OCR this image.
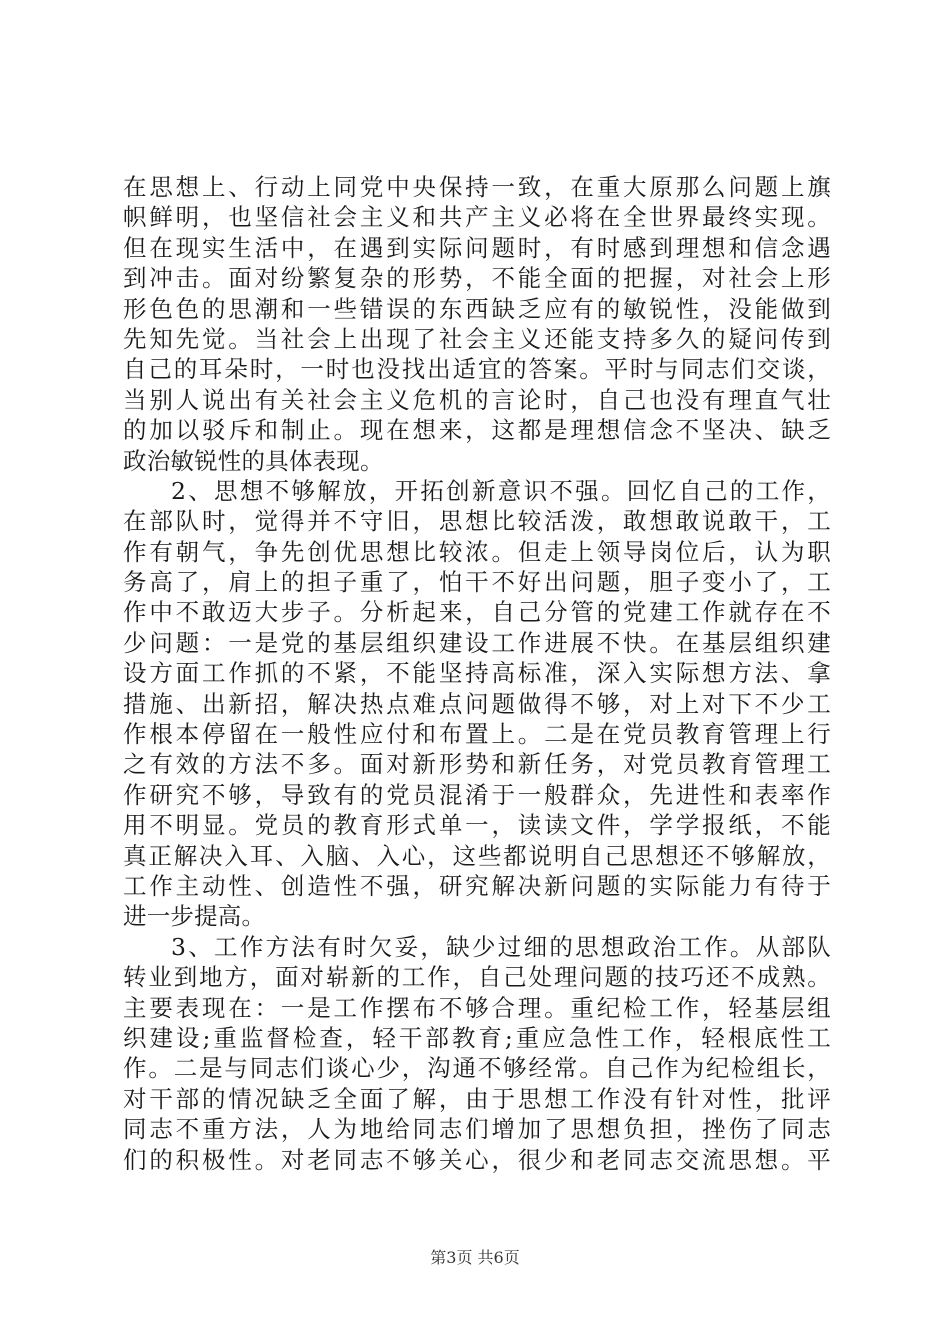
在思想上、行动上同党中央保持一致，在重大原那么问题上旗
帜鲜明，也坚信社会主义和共产主义必将在全世界最终实现。
但在现实生活中，在遇到实际问题时，有时感到理想和信念遇
到冲击。面对纷繁复杂的形势，不能全面的把握，对社会上形
形色色的思潮和一些错误的东西缺乏应有的敏锐性，没能做到
先知先觉。当社会上出现了社会主义还能支持多久的疑问传到
自己的耳朵时，一时也没找出适宜的答案。平时与同志们交谈，
当别人说出有关社会主义危机的言论时，自己也没有理直气壮
的加以驳斥和制止。现在想来，这都是理想信念不坚决、缺乏
政治敏锐性的具体表现。
2、思想不够解放，开拓创新意识不强。回忆自己的工作，
在部队时，觉得并不守旧，思想比较活泼，敢想敢说敢干，工
作有朝气，争先创优思想比较浓。但走上领导岗位后，认为职
务高了，肩上的担子重了，怕干不好出问题，胆子变小了，工
作中不敢迈大步子。分析起来，自己分管的党建工作就存在不
少问题：一是党的基层组织建设工作进展不快。在基层组织建
设方面工作抓的不紧，不能坚持高标准，深入实际想方法、拿
措施、出新招，解决热点难点问题做得不够，对上对下不少工
作根本停留在一般性应付和布置上。二是在党员教育管理上行
之有效的方法不多。面对新形势和新任务，对党员教育管理工
作研究不够，导致有的党员混淆于一般群众，先进性和表率作
用不明显。党员的教育形式单一，读读文件，学学报纸，不能
真正解决入耳、入脑、入心，这些都说明自己思想还不够解放，
工作主动性、创造性不强，研究解决新问题的实际能力有待于
进一步提高。
3、工作方法有时欠妥，缺少过细的思想政治工作。从部队
转业到地方，面对崭新的工作，自己处理问题的技巧还不成熟。
主要表现在：一是工作摆布不够合理。重纪检工作，轻基层组
织建设;重监督检查，轻干部教育;重应急性工作，轻根底性工
作。二是与同志们谈心少，沟通不够经常。自己作为纪检组长，
对干部的情况缺乏全面了解，由于思想工作没有针对性，批评
同志不重方法，人为地给同志们增加了思想负担，挫伤了同志
们的积极性。对老同志不够关心，很少和老同志交流思想。平
第3页 共6页
